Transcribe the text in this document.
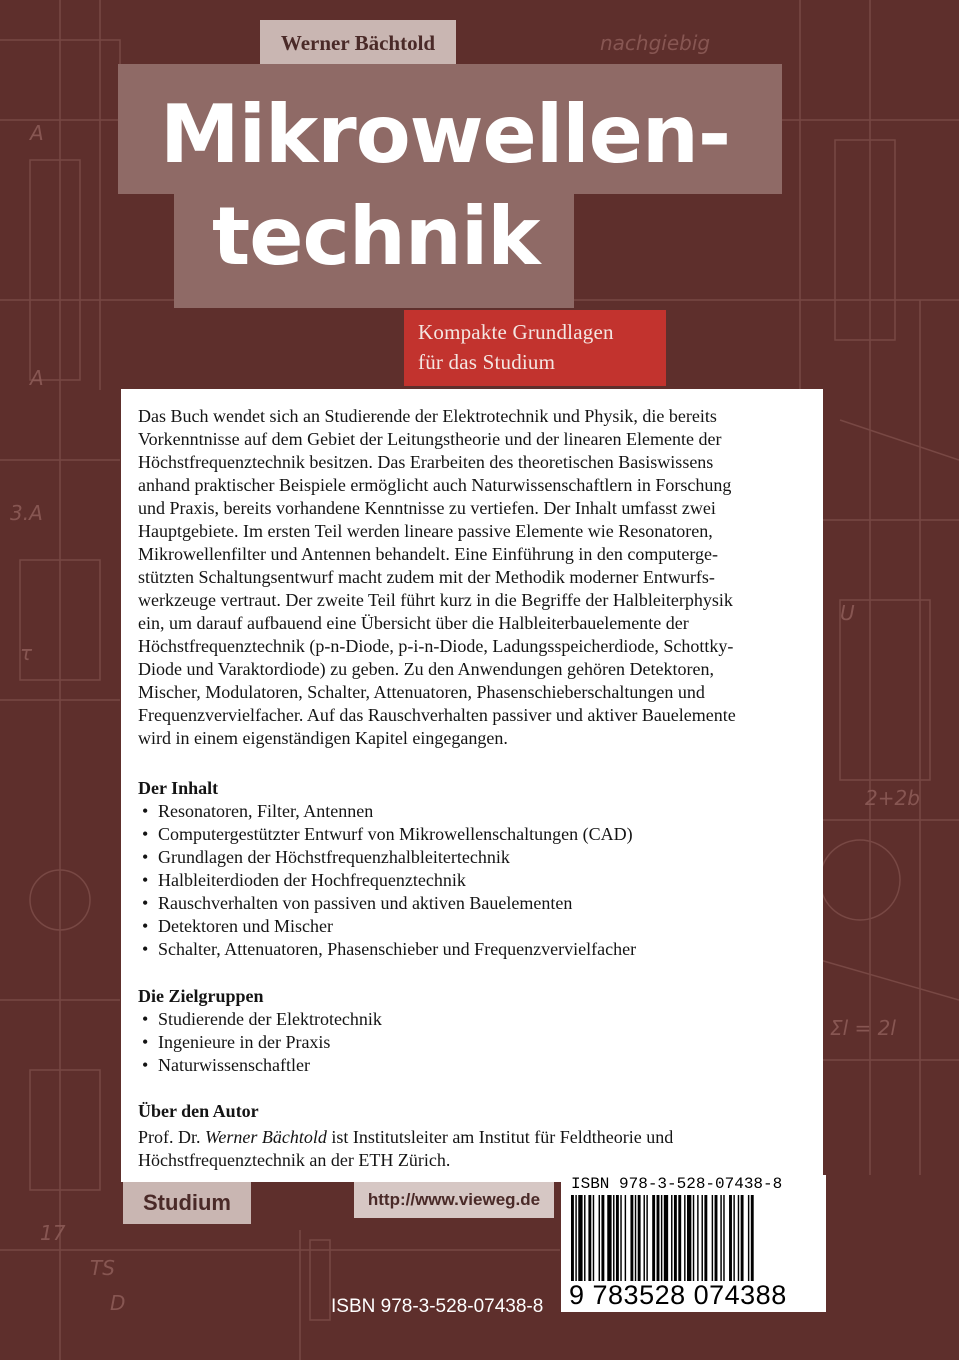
A
A
3.A
τ
U
2+2b
Σl = 2l
nachgiebig
TS
D
17
Werner Bächtold
Mikrowellen-
technik
Kompakte Grundlagen
für das Studium
Das Buch wendet sich an Studierende der Elektrotechnik und Physik, die bereits
Vorkenntnisse auf dem Gebiet der Leitungstheorie und der linearen Elemente der
Höchstfrequenztechnik besitzen. Das Erarbeiten des theoretischen Basiswissens
anhand praktischer Beispiele ermöglicht auch Naturwissenschaftlern in Forschung
und Praxis, bereits vorhandene Kenntnisse zu vertiefen. Der Inhalt umfasst zwei
Hauptgebiete. Im ersten Teil werden lineare passive Elemente wie Resonatoren,
Mikrowellenfilter und Antennen behandelt. Eine Einführung in den computerge-
stützten Schaltungsentwurf macht zudem mit der Methodik moderner Entwurfs-
werkzeuge vertraut. Der zweite Teil führt kurz in die Begriffe der Halbleiterphysik
ein, um darauf aufbauend eine Übersicht über die Halbleiterbauelemente der
Höchstfrequenztechnik (p-n-Diode, p-i-n-Diode, Ladungsspeicherdiode, Schottky-
Diode und Varaktordiode) zu geben. Zu den Anwendungen gehören Detektoren,
Mischer, Modulatoren, Schalter, Attenuatoren, Phasenschieberschaltungen und
Frequenzvervielfacher. Auf das Rauschverhalten passiver und aktiver Bauelemente
wird in einem eigenständigen Kapitel eingegangen.
Der Inhalt
• Resonatoren, Filter, Antennen
• Computergestützter Entwurf von Mikrowellenschaltungen (CAD)
• Grundlagen der Höchstfrequenzhalbleitertechnik
• Halbleiterdioden der Hochfrequenztechnik
• Rauschverhalten von passiven und aktiven Bauelementen
• Detektoren und Mischer
• Schalter, Attenuatoren, Phasenschieber und Frequenzvervielfacher
Die Zielgruppen
• Studierende der Elektrotechnik
• Ingenieure in der Praxis
• Naturwissenschaftler
Über den Autor
Prof. Dr. Werner Bächtold ist Institutsleiter am Institut für Feldtheorie und
Höchstfrequenztechnik an der ETH Zürich.
Studium	http://www.vieweg.de
ISBN 978-3-528-07438-8
ISBN 978-3-528-07438-8
9 783528 074388
